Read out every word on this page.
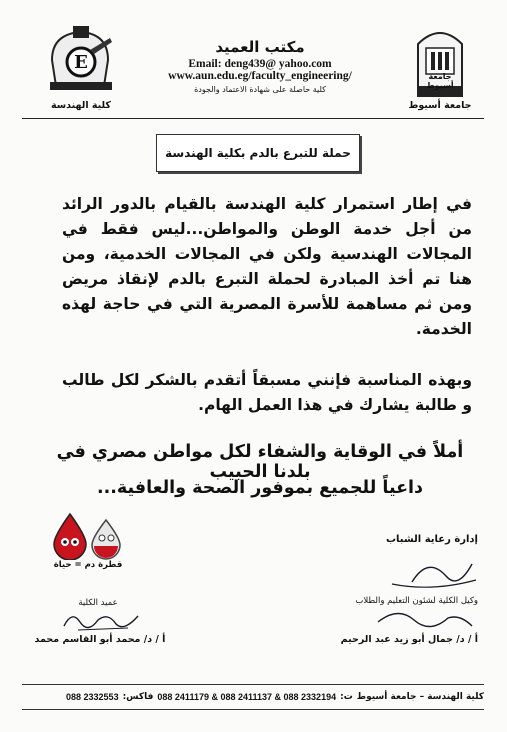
E
كلية الهندسة
مكتب العميد
Email: deng439@ yahoo.com
www.aun.edu.eg/faculty_engineering/
كلية حاصلة على شهادة الاعتماد والجودة
جامعة أسيوط
جامعة أسيوط
حملة للتبرع بالدم بكلية الهندسة
في إطار استمرار كلية الهندسة بالقيام بالدور الرائد من أجل خدمة الوطن والمواطن...ليس فقط في المجالات الهندسية ولكن في المجالات الخدمية، ومن هنا تم أخذ المبادرة لحملة التبرع بالدم لإنقاذ مريض ومن ثم مساهمة للأسرة المصرية التي في حاجة لهذه الخدمة.
وبهذه المناسبة فإنني مسبقاً أتقدم بالشكر لكل طالب و طالبة يشارك في هذا العمل الهام.
أملاً في الوقاية والشفاء لكل مواطن مصري في بلدنا الحبيب
داعياً للجميع بموفور الصحة والعافية...
قطرة دم = حياة
عميد الكلية
أ / د/ محمد أبو القاسم محمد
إدارة رعاية الشباب
وكيل الكلية لشئون التعليم والطلاب
أ / د/ جمال أبو زيد عبد الرحيم
كلية الهندسة – جامعة أسيوط
ت:
088 2411179 & 088 2411137 & 088 2332194
فاكس:
088 2332553
